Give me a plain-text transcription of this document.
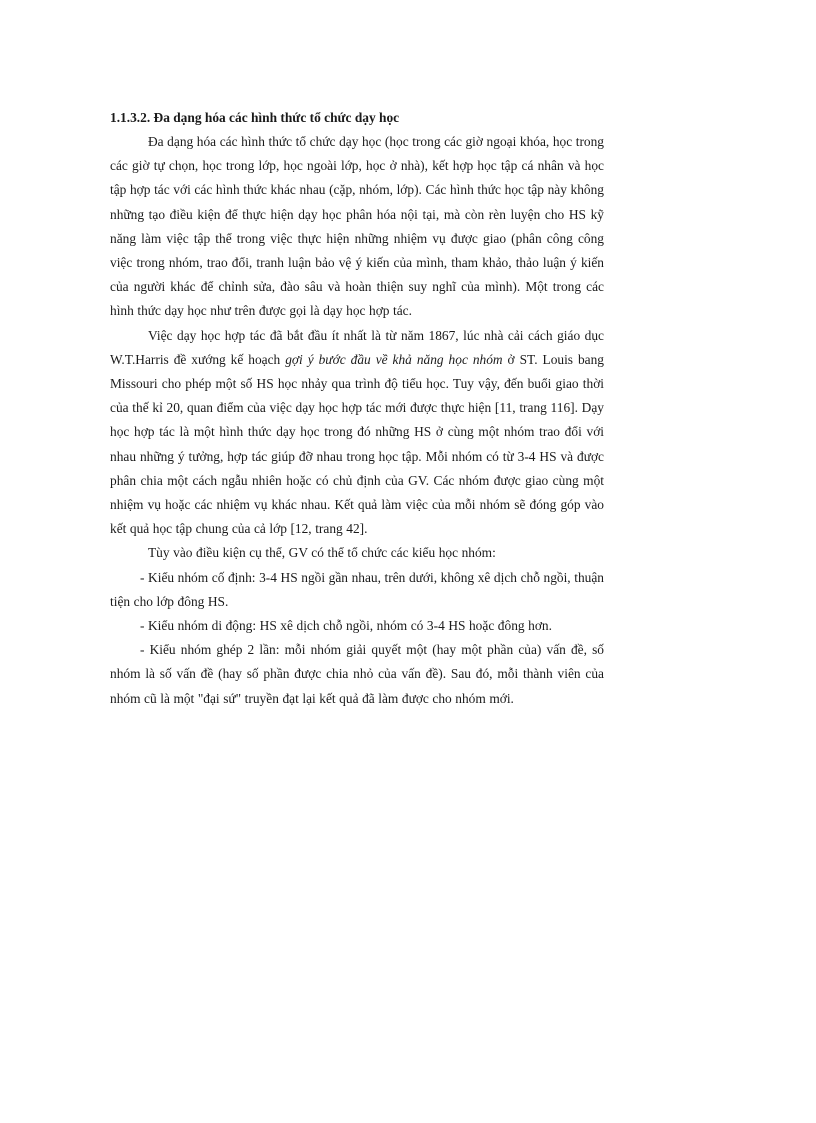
1.1.3.2. Đa dạng hóa các hình thức tổ chức dạy học

Đa dạng hóa các hình thức tổ chức dạy học (học trong các giờ ngoại khóa, học trong các giờ tự chọn, học trong lớp, học ngoài lớp, học ở nhà), kết hợp học tập cá nhân và học tập hợp tác với các hình thức khác nhau (cặp, nhóm, lớp). Các hình thức học tập này không những tạo điều kiện để thực hiện dạy học phân hóa nội tại, mà còn rèn luyện cho HS kỹ năng làm việc tập thể trong việc thực hiện những nhiệm vụ được giao (phân công công việc trong nhóm, trao đổi, tranh luận bảo vệ ý kiến của mình, tham khảo, thảo luận ý kiến của người khác để chỉnh sửa, đào sâu và hoàn thiện suy nghĩ của mình). Một trong các hình thức dạy học như trên được gọi là dạy học hợp tác.

Việc dạy học hợp tác đã bắt đầu ít nhất là từ năm 1867, lúc nhà cải cách giáo dục W.T.Harris đề xướng kế hoạch gợi ý bước đầu về khả năng học nhóm ở ST. Louis bang Missouri cho phép một số HS học nhảy qua trình độ tiểu học. Tuy vậy, đến buổi giao thời của thế kỉ 20, quan điểm của việc dạy học hợp tác mới được thực hiện [11, trang 116]. Dạy học hợp tác là một hình thức dạy học trong đó những HS ở cùng một nhóm trao đổi với nhau những ý tưởng, hợp tác giúp đỡ nhau trong học tập. Mỗi nhóm có từ 3-4 HS và được phân chia một cách ngẫu nhiên hoặc có chủ định của GV. Các nhóm được giao cùng một nhiệm vụ hoặc các nhiệm vụ khác nhau. Kết quả làm việc của mỗi nhóm sẽ đóng góp vào kết quả học tập chung của cả lớp [12, trang 42].

Tùy vào điều kiện cụ thể, GV có thể tổ chức các kiểu học nhóm:

- Kiểu nhóm cố định: 3-4 HS ngồi gần nhau, trên dưới, không xê dịch chỗ ngồi, thuận tiện cho lớp đông HS.

- Kiểu nhóm di động: HS xê dịch chỗ ngồi, nhóm có 3-4 HS hoặc đông hơn.

- Kiểu nhóm ghép 2 lần: mỗi nhóm giải quyết một (hay một phần của) vấn đề, số nhóm là số vấn đề (hay số phần được chia nhỏ của vấn đề). Sau đó, mỗi thành viên của nhóm cũ là một "đại sứ" truyền đạt lại kết quả đã làm được cho nhóm mới.
